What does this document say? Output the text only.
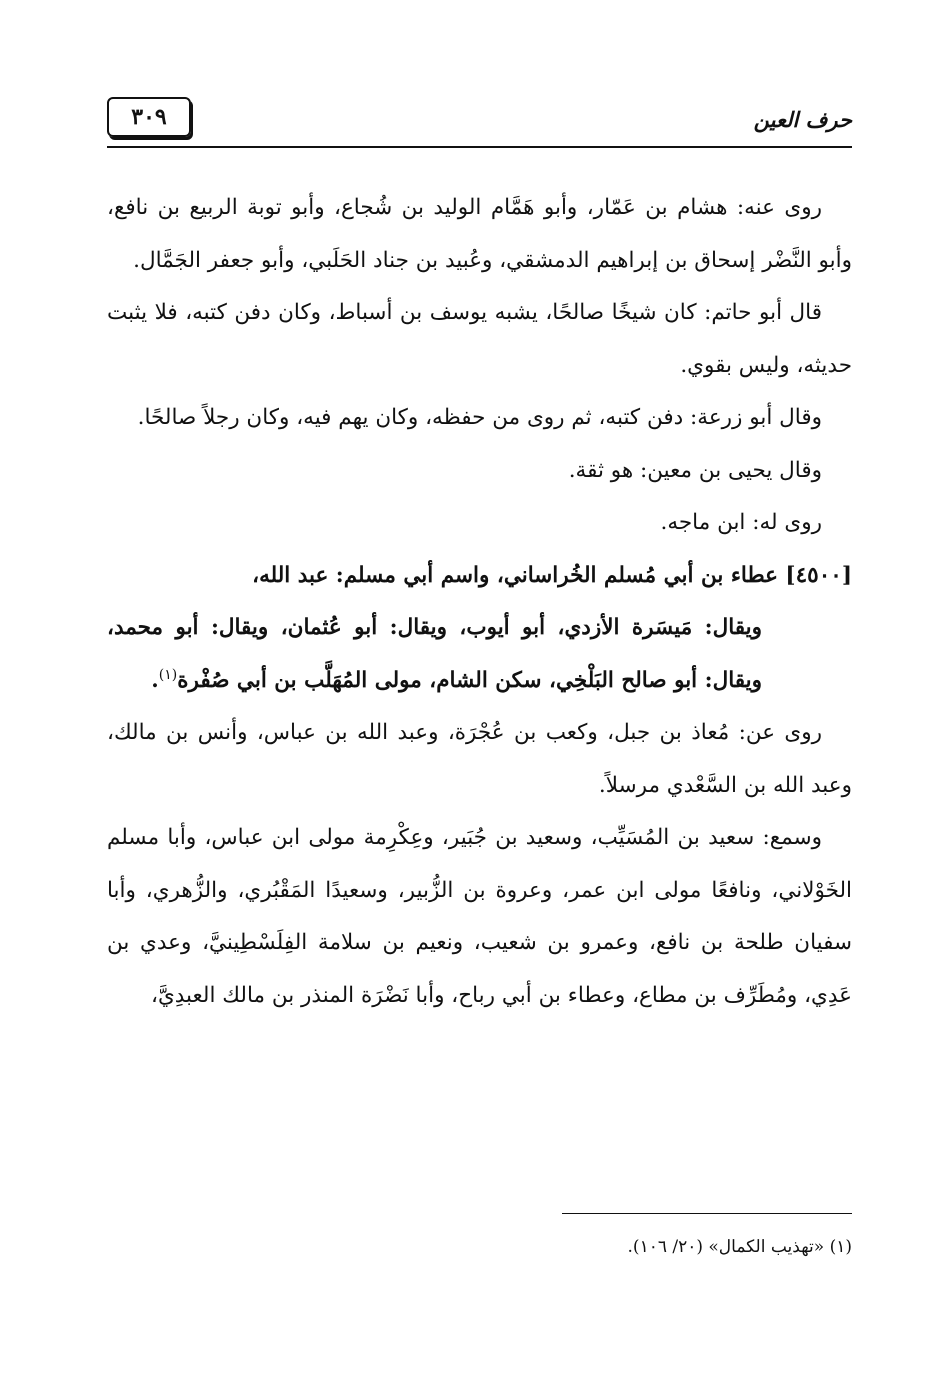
حرف العين
٣٠٩

روى عنه: هشام بن عَمّار، وأبو هَمَّام الوليد بن شُجاع، وأبو توبة الربيع بن نافع، وأبو النَّضْر إسحاق بن إبراهيم الدمشقي، وعُبيد بن جناد الحَلَبي، وأبو جعفر الجَمَّال.

قال أبو حاتم: كان شيخًا صالحًا، يشبه يوسف بن أسباط، وكان دفن كتبه، فلا يثبت حديثه، وليس بقوي.

وقال أبو زرعة: دفن كتبه، ثم روى من حفظه، وكان يهم فيه، وكان رجلاً صالحًا.

وقال يحيى بن معين: هو ثقة.

روى له: ابن ماجه.

[٤٥٠٠] عطاء بن أبي مُسلم الخُراساني، واسم أبي مسلم: عبد الله،
ويقال: مَيسَرة الأزدي، أبو أيوب، ويقال: أبو عُثمان، ويقال: أبو محمد، ويقال: أبو صالح البَلْخِي، سكن الشام، مولى المُهَلَّب بن أبي صُفْرة$^{(١)}$.

روى عن: مُعاذ بن جبل، وكعب بن عُجْرَة، وعبد الله بن عباس، وأنس بن مالك، وعبد الله بن السَّعْدي مرسلاً.

وسمع: سعيد بن المُسَيِّب، وسعيد بن جُبَير، وعِكْرِمة مولى ابن عباس، وأبا مسلم الخَوْلاني، ونافعًا مولى ابن عمر، وعروة بن الزُّبير، وسعيدًا المَقْبُري، والزُّهري، وأبا سفيان طلحة بن نافع، وعمرو بن شعيب، ونعيم بن سلامة الفِلَسْطِينيَّ، وعدي بن عَدِي، ومُطَرِّف بن مطاع، وعطاء بن أبي رباح، وأبا نَضْرَة المنذر بن مالك العبدِيَّ،

(١) «تهذيب الكمال» (٢٠/ ١٠٦).
